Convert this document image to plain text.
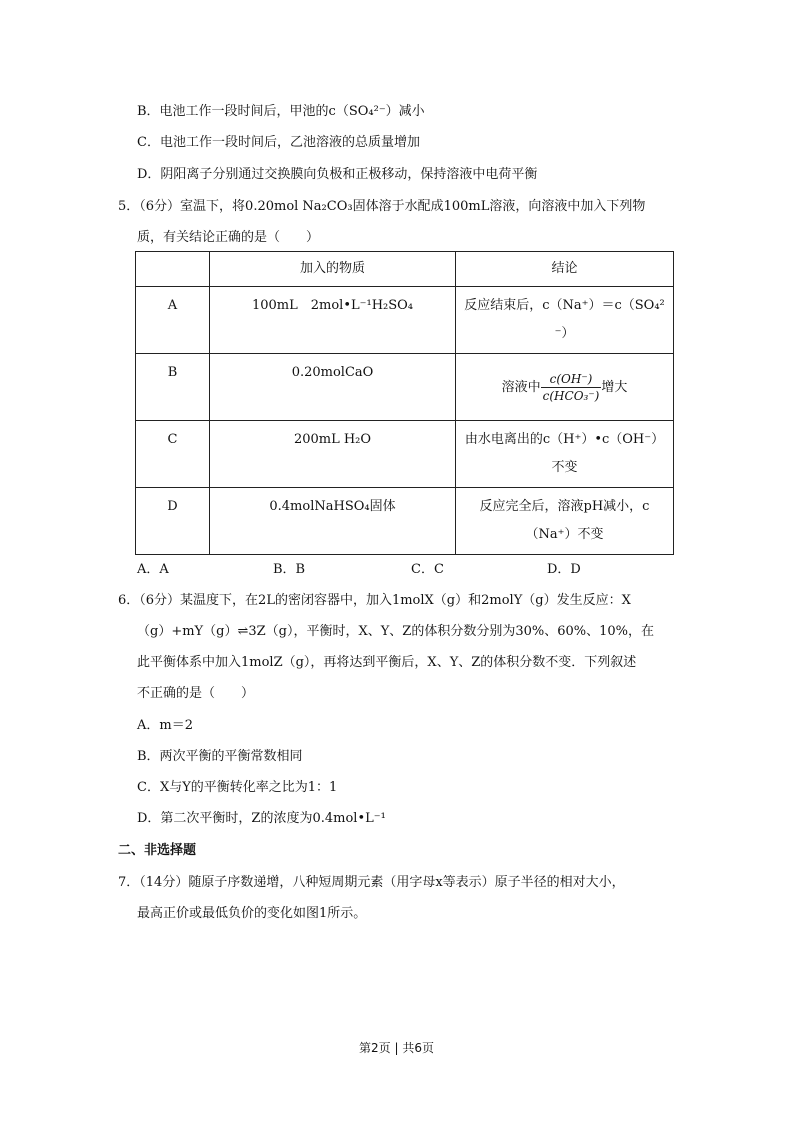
B．电池工作一段时间后，甲池的c（SO₄²⁻）减小
C．电池工作一段时间后，乙池溶液的总质量增加
D．阴阳离子分别通过交换膜向负极和正极移动，保持溶液中电荷平衡
5．（6分）室温下，将0.20mol Na₂CO₃固体溶于水配成100mL溶液，向溶液中加入下列物
质，有关结论正确的是（　　）
	加入的物质	结论
A	100mL　2mol•L⁻¹H₂SO₄	反应结束后，c（Na⁺）＝c（SO₄²
⁻）

B	0.20molCaO	溶液中 $\frac{c(OH^-)}{\text{c(HCO₃⁻)}}$ 增大
C	200mL H₂O	由水电离出的c（H⁺）•c（OH⁻）
不变

D	0.4molNaHSO₄固体	反应完全后，溶液pH减小，c
（Na⁺）不变
A．A	B．B	C．C	D．D
6．（6分）某温度下，在2L的密闭容器中，加入1molX（g）和2molY（g）发生反应：X
（g）+mY（g）⇌3Z（g），平衡时，X、Y、Z的体积分数分别为30%、60%、10%，在
此平衡体系中加入1molZ（g），再将达到平衡后，X、Y、Z的体积分数不变．下列叙述
不正确的是（　　）
A．m＝2
B．两次平衡的平衡常数相同
C．X与Y的平衡转化率之比为1：1
D．第二次平衡时，Z的浓度为0.4mol•L⁻¹
二、非选择题
7．（14分）随原子序数递增，八种短周期元素（用字母x等表示）原子半径的相对大小，
最高正价或最低负价的变化如图1所示。
第2页 | 共6页
